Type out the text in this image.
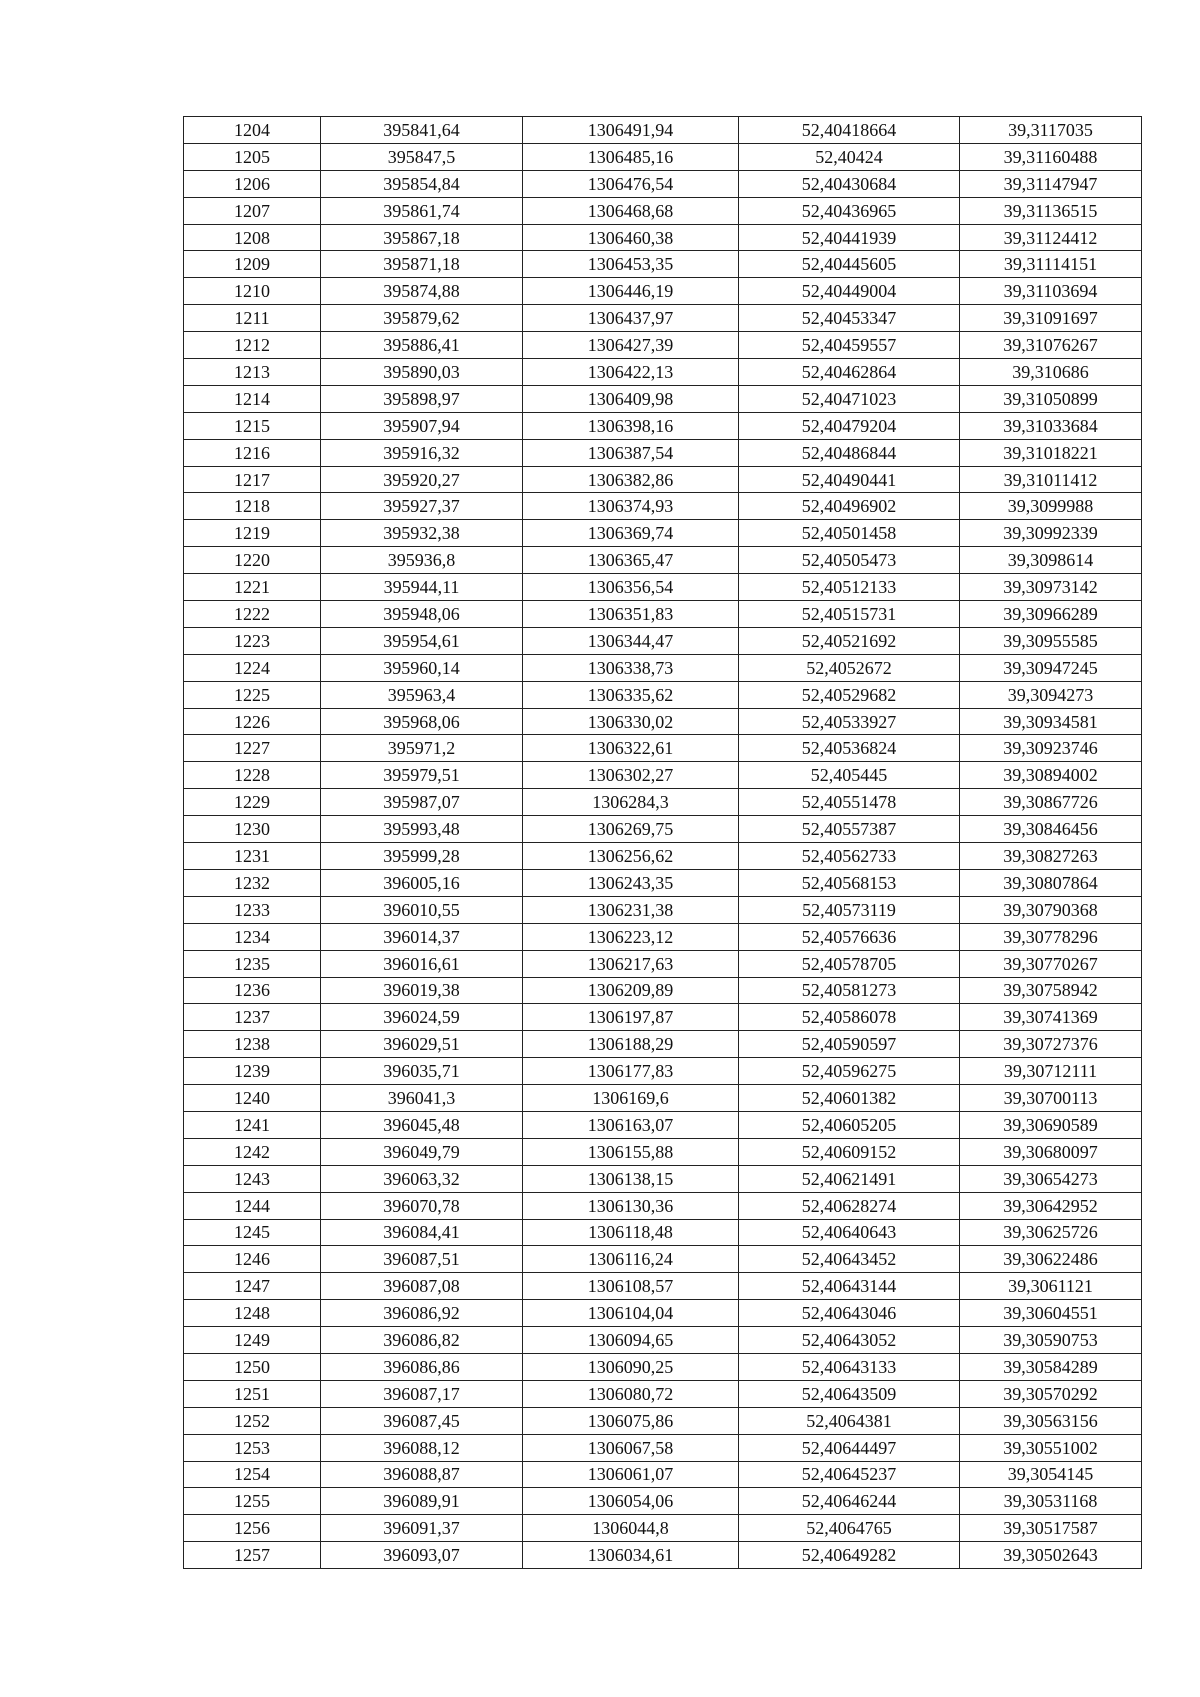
1204	395841,64	1306491,94	52,40418664	39,3117035
1205	395847,5	1306485,16	52,40424	39,31160488
1206	395854,84	1306476,54	52,40430684	39,31147947
1207	395861,74	1306468,68	52,40436965	39,31136515
1208	395867,18	1306460,38	52,40441939	39,31124412
1209	395871,18	1306453,35	52,40445605	39,31114151
1210	395874,88	1306446,19	52,40449004	39,31103694
1211	395879,62	1306437,97	52,40453347	39,31091697
1212	395886,41	1306427,39	52,40459557	39,31076267
1213	395890,03	1306422,13	52,40462864	39,310686
1214	395898,97	1306409,98	52,40471023	39,31050899
1215	395907,94	1306398,16	52,40479204	39,31033684
1216	395916,32	1306387,54	52,40486844	39,31018221
1217	395920,27	1306382,86	52,40490441	39,31011412
1218	395927,37	1306374,93	52,40496902	39,3099988
1219	395932,38	1306369,74	52,40501458	39,30992339
1220	395936,8	1306365,47	52,40505473	39,3098614
1221	395944,11	1306356,54	52,40512133	39,30973142
1222	395948,06	1306351,83	52,40515731	39,30966289
1223	395954,61	1306344,47	52,40521692	39,30955585
1224	395960,14	1306338,73	52,4052672	39,30947245
1225	395963,4	1306335,62	52,40529682	39,3094273
1226	395968,06	1306330,02	52,40533927	39,30934581
1227	395971,2	1306322,61	52,40536824	39,30923746
1228	395979,51	1306302,27	52,405445	39,30894002
1229	395987,07	1306284,3	52,40551478	39,30867726
1230	395993,48	1306269,75	52,40557387	39,30846456
1231	395999,28	1306256,62	52,40562733	39,30827263
1232	396005,16	1306243,35	52,40568153	39,30807864
1233	396010,55	1306231,38	52,40573119	39,30790368
1234	396014,37	1306223,12	52,40576636	39,30778296
1235	396016,61	1306217,63	52,40578705	39,30770267
1236	396019,38	1306209,89	52,40581273	39,30758942
1237	396024,59	1306197,87	52,40586078	39,30741369
1238	396029,51	1306188,29	52,40590597	39,30727376
1239	396035,71	1306177,83	52,40596275	39,30712111
1240	396041,3	1306169,6	52,40601382	39,30700113
1241	396045,48	1306163,07	52,40605205	39,30690589
1242	396049,79	1306155,88	52,40609152	39,30680097
1243	396063,32	1306138,15	52,40621491	39,30654273
1244	396070,78	1306130,36	52,40628274	39,30642952
1245	396084,41	1306118,48	52,40640643	39,30625726
1246	396087,51	1306116,24	52,40643452	39,30622486
1247	396087,08	1306108,57	52,40643144	39,3061121
1248	396086,92	1306104,04	52,40643046	39,30604551
1249	396086,82	1306094,65	52,40643052	39,30590753
1250	396086,86	1306090,25	52,40643133	39,30584289
1251	396087,17	1306080,72	52,40643509	39,30570292
1252	396087,45	1306075,86	52,4064381	39,30563156
1253	396088,12	1306067,58	52,40644497	39,30551002
1254	396088,87	1306061,07	52,40645237	39,3054145
1255	396089,91	1306054,06	52,40646244	39,30531168
1256	396091,37	1306044,8	52,4064765	39,30517587
1257	396093,07	1306034,61	52,40649282	39,30502643
